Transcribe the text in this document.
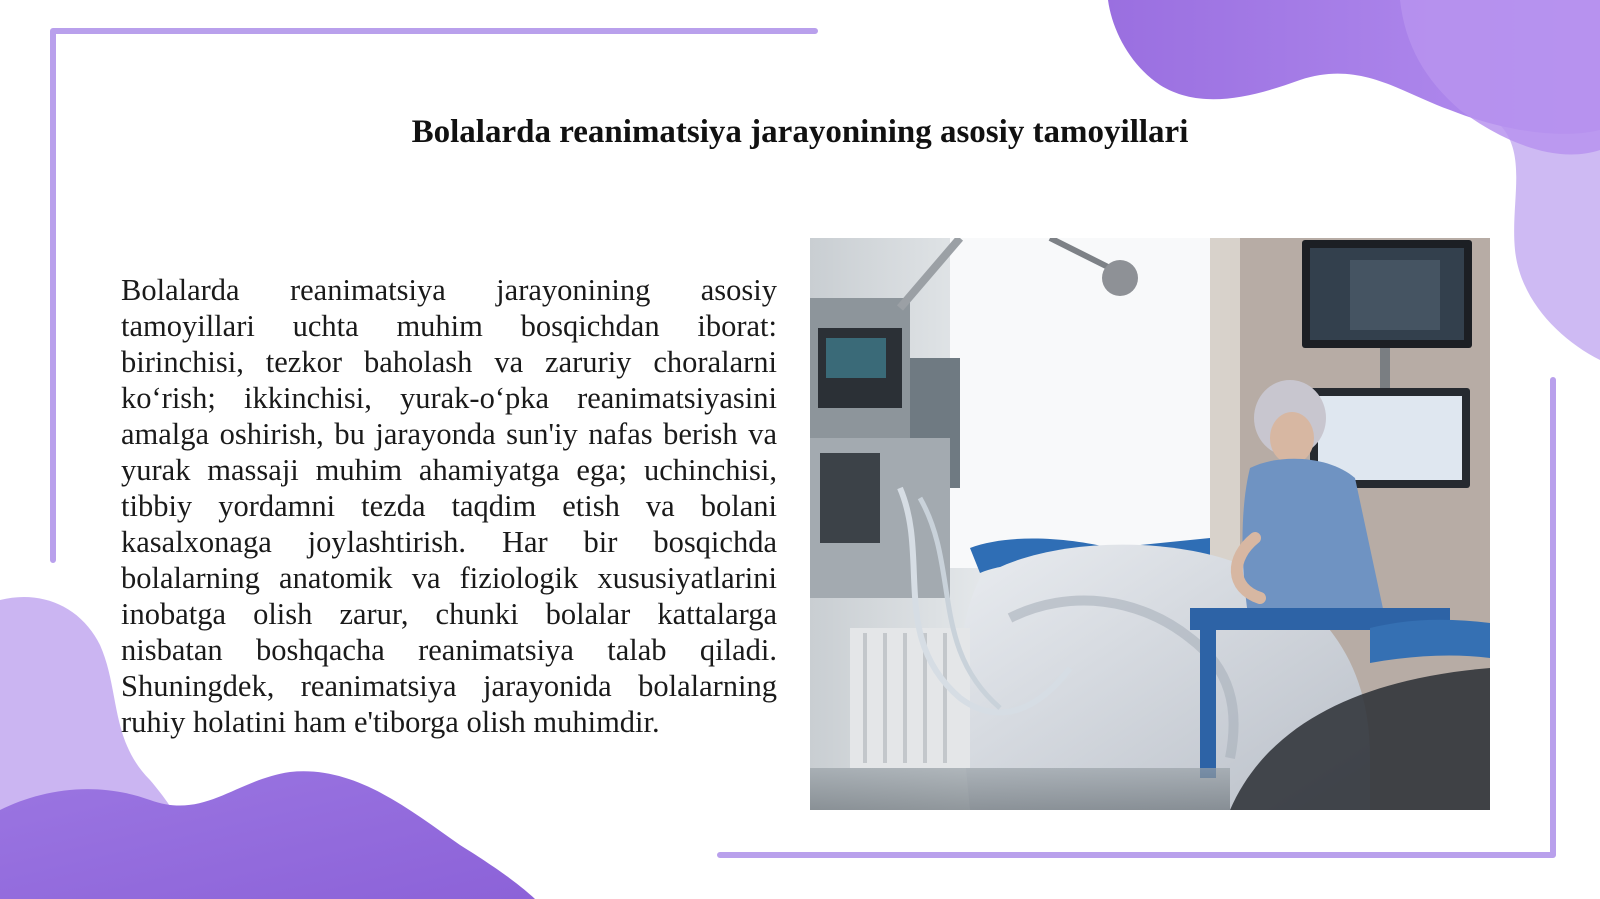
Bolalarda reanimatsiya jarayonining asosiy tamoyillari

Bolalarda reanimatsiya jarayonining asosiy tamoyillari uchta muhim bosqichdan iborat: birinchisi, tezkor baholash va zaruriy choralarni ko‘rish; ikkinchisi, yurak-o‘pka reanimatsiyasini amalga oshirish, bu jarayonda sun'iy nafas berish va yurak massaji muhim ahamiyatga ega; uchinchisi, tibbiy yordamni tezda taqdim etish va bolani kasalxonaga joylashtirish. Har bir bosqichda bolalarning anatomik va fiziologik xususiyatlarini inobatga olish zarur, chunki bolalar kattalarga nisbatan boshqacha reanimatsiya talab qiladi. Shuningdek, reanimatsiya jarayonida bolalarning ruhiy holatini ham e'tiborga olish muhimdir.
